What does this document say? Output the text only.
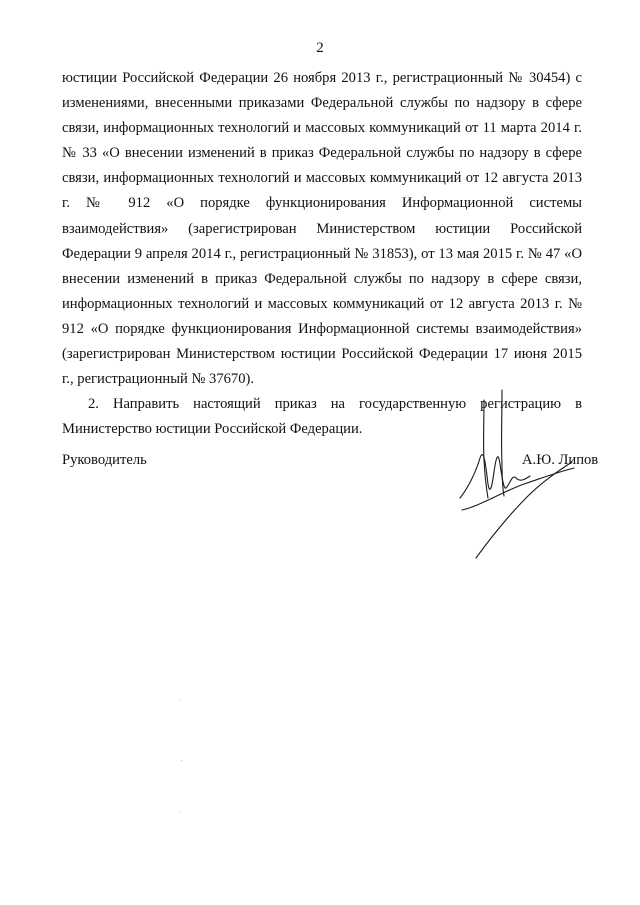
2

юстиции Российской Федерации 26 ноября 2013 г., регистрационный № 30454) с изменениями, внесенными приказами Федеральной службы по надзору в сфере связи, информационных технологий и массовых коммуникаций от 11 марта 2014 г. № 33 «О внесении изменений в приказ Федеральной службы по надзору в сфере связи, информационных технологий и массовых коммуникаций от 12 августа 2013 г. № 912 «О порядке функционирования Информационной системы взаимодействия» (зарегистрирован Министерством юстиции Российской Федерации 9 апреля 2014 г., регистрационный № 31853), от 13 мая 2015 г. № 47 «О внесении изменений в приказ Федеральной службы по надзору в сфере связи, информационных технологий и массовых коммуникаций от 12 августа 2013 г. № 912 «О порядке функционирования Информационной системы взаимодействия» (зарегистрирован Министерством юстиции Российской Федерации 17 июня 2015 г., регистрационный № 37670).

2. Направить настоящий приказ на государственную регистрацию в Министерство юстиции Российской Федерации.

Руководитель	А.Ю. Липов
